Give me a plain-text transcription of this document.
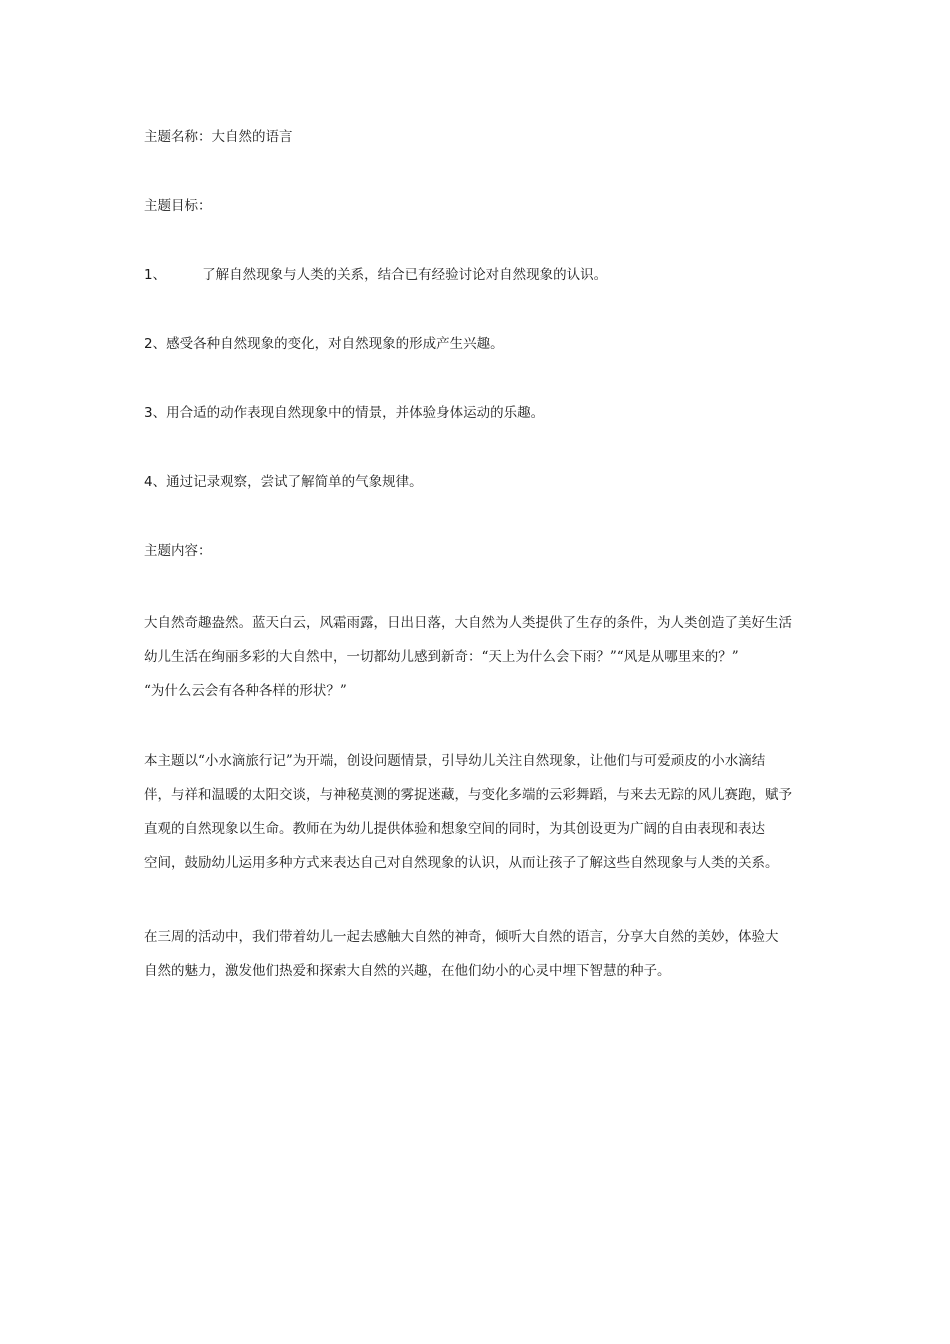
主题名称：大自然的语言
主题目标：
1、	了解自然现象与人类的关系，结合已有经验讨论对自然现象的认识。
2、感受各种自然现象的变化，对自然现象的形成产生兴趣。
3、用合适的动作表现自然现象中的情景，并体验身体运动的乐趣。
4、通过记录观察，尝试了解简单的气象规律。
主题内容：
大自然奇趣盎然。蓝天白云，风霜雨露，日出日落，大自然为人类提供了生存的条件，为人类创造了美好生活
幼儿生活在绚丽多彩的大自然中，一切都幼儿感到新奇：“天上为什么会下雨？”“风是从哪里来的？”
“为什么云会有各种各样的形状？”
本主题以“小水滴旅行记”为开端，创设问题情景，引导幼儿关注自然现象，让他们与可爱顽皮的小水滴结
伴，与祥和温暖的太阳交谈，与神秘莫测的雾捉迷藏，与变化多端的云彩舞蹈，与来去无踪的风儿赛跑，赋予
直观的自然现象以生命。教师在为幼儿提供体验和想象空间的同时，为其创设更为广阔的自由表现和表达
空间，鼓励幼儿运用多种方式来表达自己对自然现象的认识，从而让孩子了解这些自然现象与人类的关系。
在三周的活动中，我们带着幼儿一起去感触大自然的神奇，倾听大自然的语言，分享大自然的美妙，体验大
自然的魅力，激发他们热爱和探索大自然的兴趣，在他们幼小的心灵中埋下智慧的种子。
